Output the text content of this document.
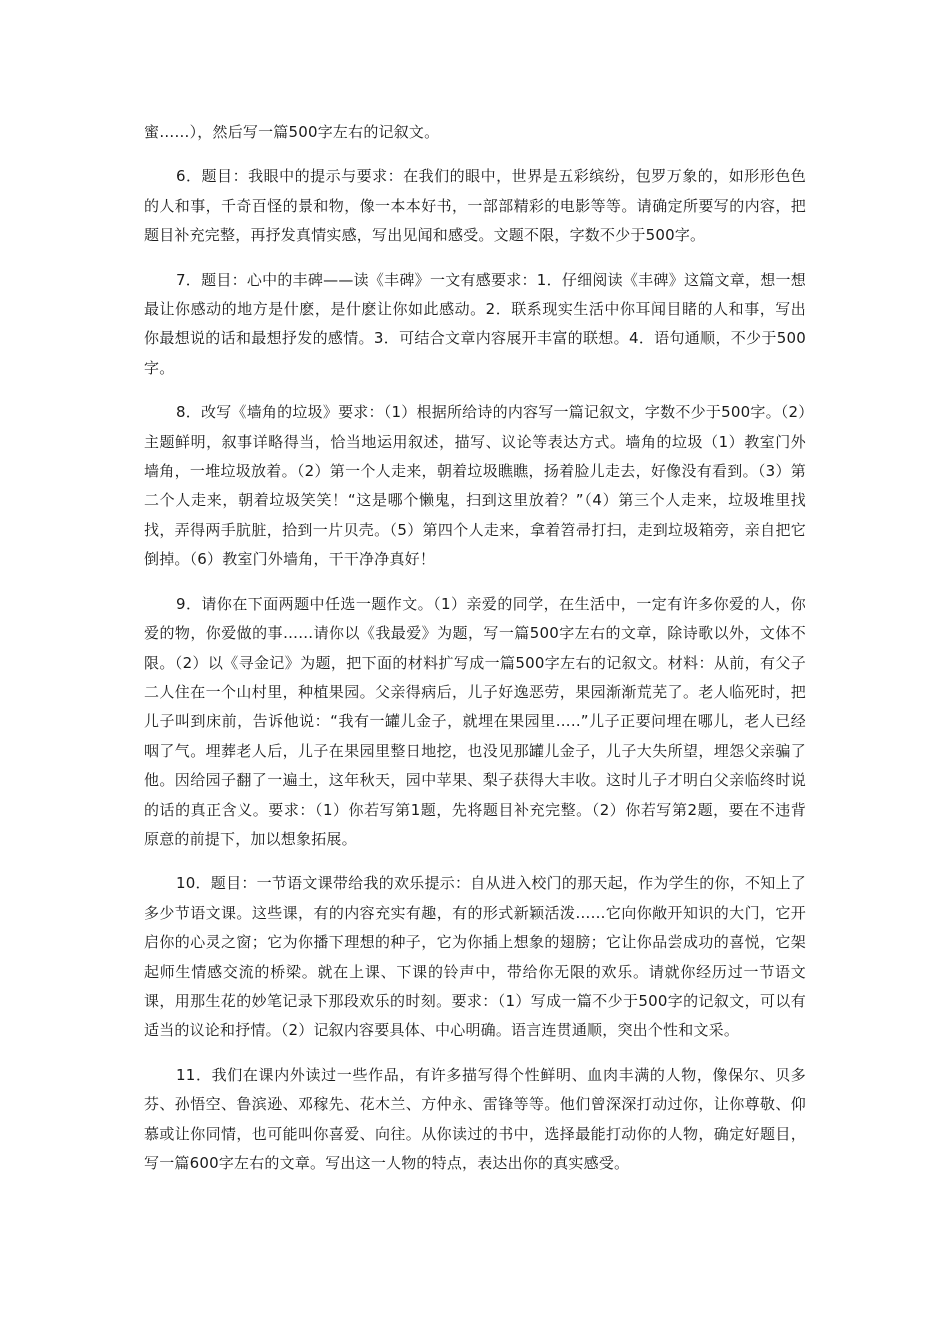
蜜……），然后写一篇500字左右的记叙文。

6．题目：我眼中的提示与要求：在我们的眼中，世界是五彩缤纷，包罗万象的，如形形色色的人和事，千奇百怪的景和物，像一本本好书，一部部精彩的电影等等。请确定所要写的内容，把题目补充完整，再抒发真情实感，写出见闻和感受。文题不限，字数不少于500字。

7．题目：心中的丰碑——读《丰碑》一文有感要求：1．仔细阅读《丰碑》这篇文章，想一想最让你感动的地方是什麽，是什麽让你如此感动。2．联系现实生活中你耳闻目睹的人和事，写出你最想说的话和最想抒发的感情。3．可结合文章内容展开丰富的联想。4．语句通顺，不少于500字。

8．改写《墙角的垃圾》要求：（1）根据所给诗的内容写一篇记叙文，字数不少于500字。（2）主题鲜明，叙事详略得当，恰当地运用叙述，描写、议论等表达方式。墙角的垃圾（1）教室门外墙角，一堆垃圾放着。（2）第一个人走来，朝着垃圾瞧瞧，扬着脸儿走去，好像没有看到。（3）第二个人走来，朝着垃圾笑笑！“这是哪个懒鬼，扫到这里放着？”（4）第三个人走来，垃圾堆里找找，弄得两手肮脏，拾到一片贝壳。（5）第四个人走来，拿着笤帚打扫，走到垃圾箱旁，亲自把它倒掉。（6）教室门外墙角，干干净净真好！

9．请你在下面两题中任选一题作文。（1）亲爱的同学，在生活中，一定有许多你爱的人，你爱的物，你爱做的事……请你以《我最爱》为题，写一篇500字左右的文章，除诗歌以外，文体不限。（2）以《寻金记》为题，把下面的材料扩写成一篇500字左右的记叙文。材料：从前，有父子二人住在一个山村里，种植果园。父亲得病后，儿子好逸恶劳，果园渐渐荒芜了。老人临死时，把儿子叫到床前，告诉他说：“我有一罐儿金子，就埋在果园里…..”儿子正要问埋在哪儿，老人已经咽了气。埋葬老人后，儿子在果园里整日地挖，也没见那罐儿金子，儿子大失所望，埋怨父亲骗了他。因给园子翻了一遍土，这年秋天，园中苹果、梨子获得大丰收。这时儿子才明白父亲临终时说的话的真正含义。要求：（1）你若写第1题，先将题目补充完整。（2）你若写第2题，要在不违背原意的前提下，加以想象拓展。

10．题目：一节语文课带给我的欢乐提示：自从进入校门的那天起，作为学生的你，不知上了多少节语文课。这些课，有的内容充实有趣，有的形式新颖活泼……它向你敞开知识的大门，它开启你的心灵之窗；它为你播下理想的种子，它为你插上想象的翅膀；它让你品尝成功的喜悦，它架起师生情感交流的桥梁。就在上课、下课的铃声中，带给你无限的欢乐。请就你经历过一节语文课，用那生花的妙笔记录下那段欢乐的时刻。要求：（1）写成一篇不少于500字的记叙文，可以有适当的议论和抒情。（2）记叙内容要具体、中心明确。语言连贯通顺，突出个性和文采。

11．我们在课内外读过一些作品，有许多描写得个性鲜明、血肉丰满的人物，像保尔、贝多芬、孙悟空、鲁滨逊、邓稼先、花木兰、方仲永、雷锋等等。他们曾深深打动过你，让你尊敬、仰慕或让你同情，也可能叫你喜爱、向往。从你读过的书中，选择最能打动你的人物，确定好题目，写一篇600字左右的文章。写出这一人物的特点，表达出你的真实感受。
